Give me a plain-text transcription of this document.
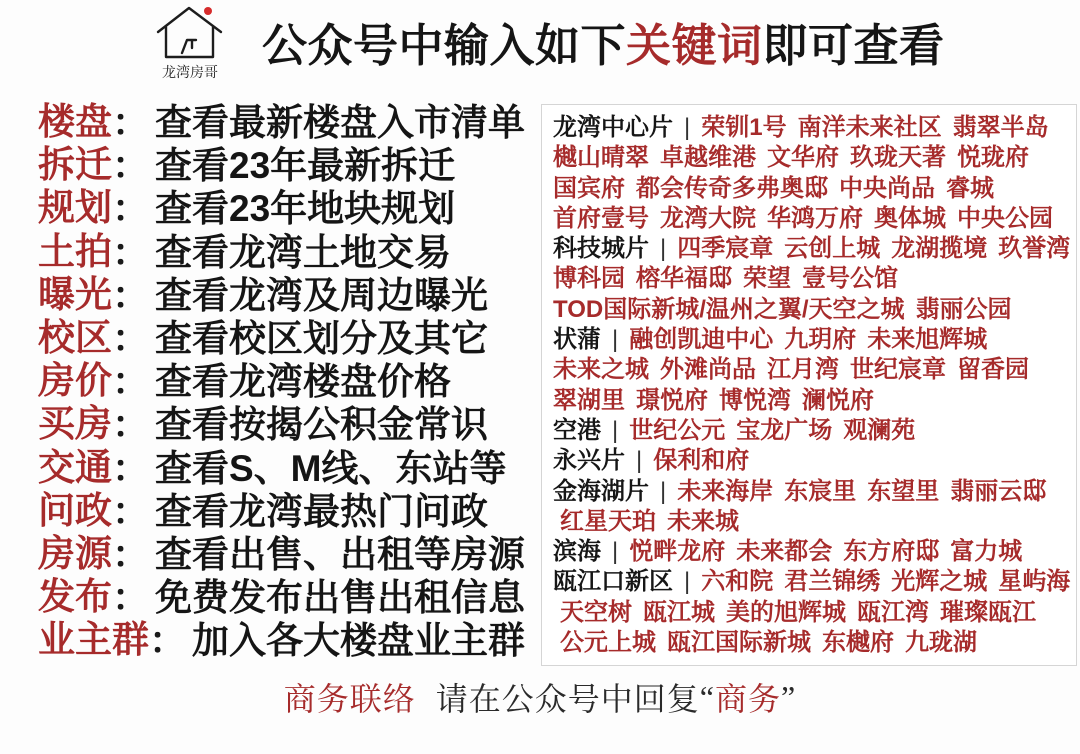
龙湾房哥
公众号中输入如下 关键词 即可查看
楼盘 ： 查看最新楼盘入市清单
拆迁 ： 查看23年最新拆迁
规划 ： 查看23年地块规划
土拍 ： 查看龙湾土地交易
曝光 ： 查看龙湾及周边曝光
校区 ： 查看校区划分及其它
房价 ： 查看龙湾楼盘价格
买房 ： 查看按揭公积金常识
交通 ： 查看S、M线、东站等
问政 ： 查看龙湾最热门问政
房源 ： 查看出售、出租等房源
发布 ： 免费发布出售出租信息
业主群 ： 加入各大楼盘业主群
龙湾中心片 | 荣钏1号 南洋未来社区 翡翠半岛
樾山晴翠 卓越维港 文华府 玖珑天著 悦珑府
国宾府 都会传奇多弗奥邸 中央尚品 睿城
首府壹号 龙湾大院 华鸿万府 奥体城 中央公园
科技城片 | 四季宸章 云创上城 龙湖揽境 玖誉湾
博科园 榕华福邸 荣望 壹号公馆
TOD国际新城/温州之翼/天空之城 翡丽公园
状蒲 | 融创凯迪中心 九玥府 未来旭辉城
未来之城 外滩尚品 江月湾 世纪宸章 留香园
翠湖里 璟悦府 博悦湾 澜悦府
空港 | 世纪公元 宝龙广场 观澜苑
永兴片 | 保利和府
金海湖片 | 未来海岸 东宸里 东望里 翡丽云邸
红星天珀 未来城
滨海 | 悦畔龙府 未来都会 东方府邸 富力城
瓯江口新区 | 六和院 君兰锦绣 光辉之城 星屿海
天空树 瓯江城 美的旭辉城 瓯江湾 璀璨瓯江
公元上城 瓯江国际新城 东樾府 九珑湖
商务联络 请在公众号中回复 “ 商务 ”
